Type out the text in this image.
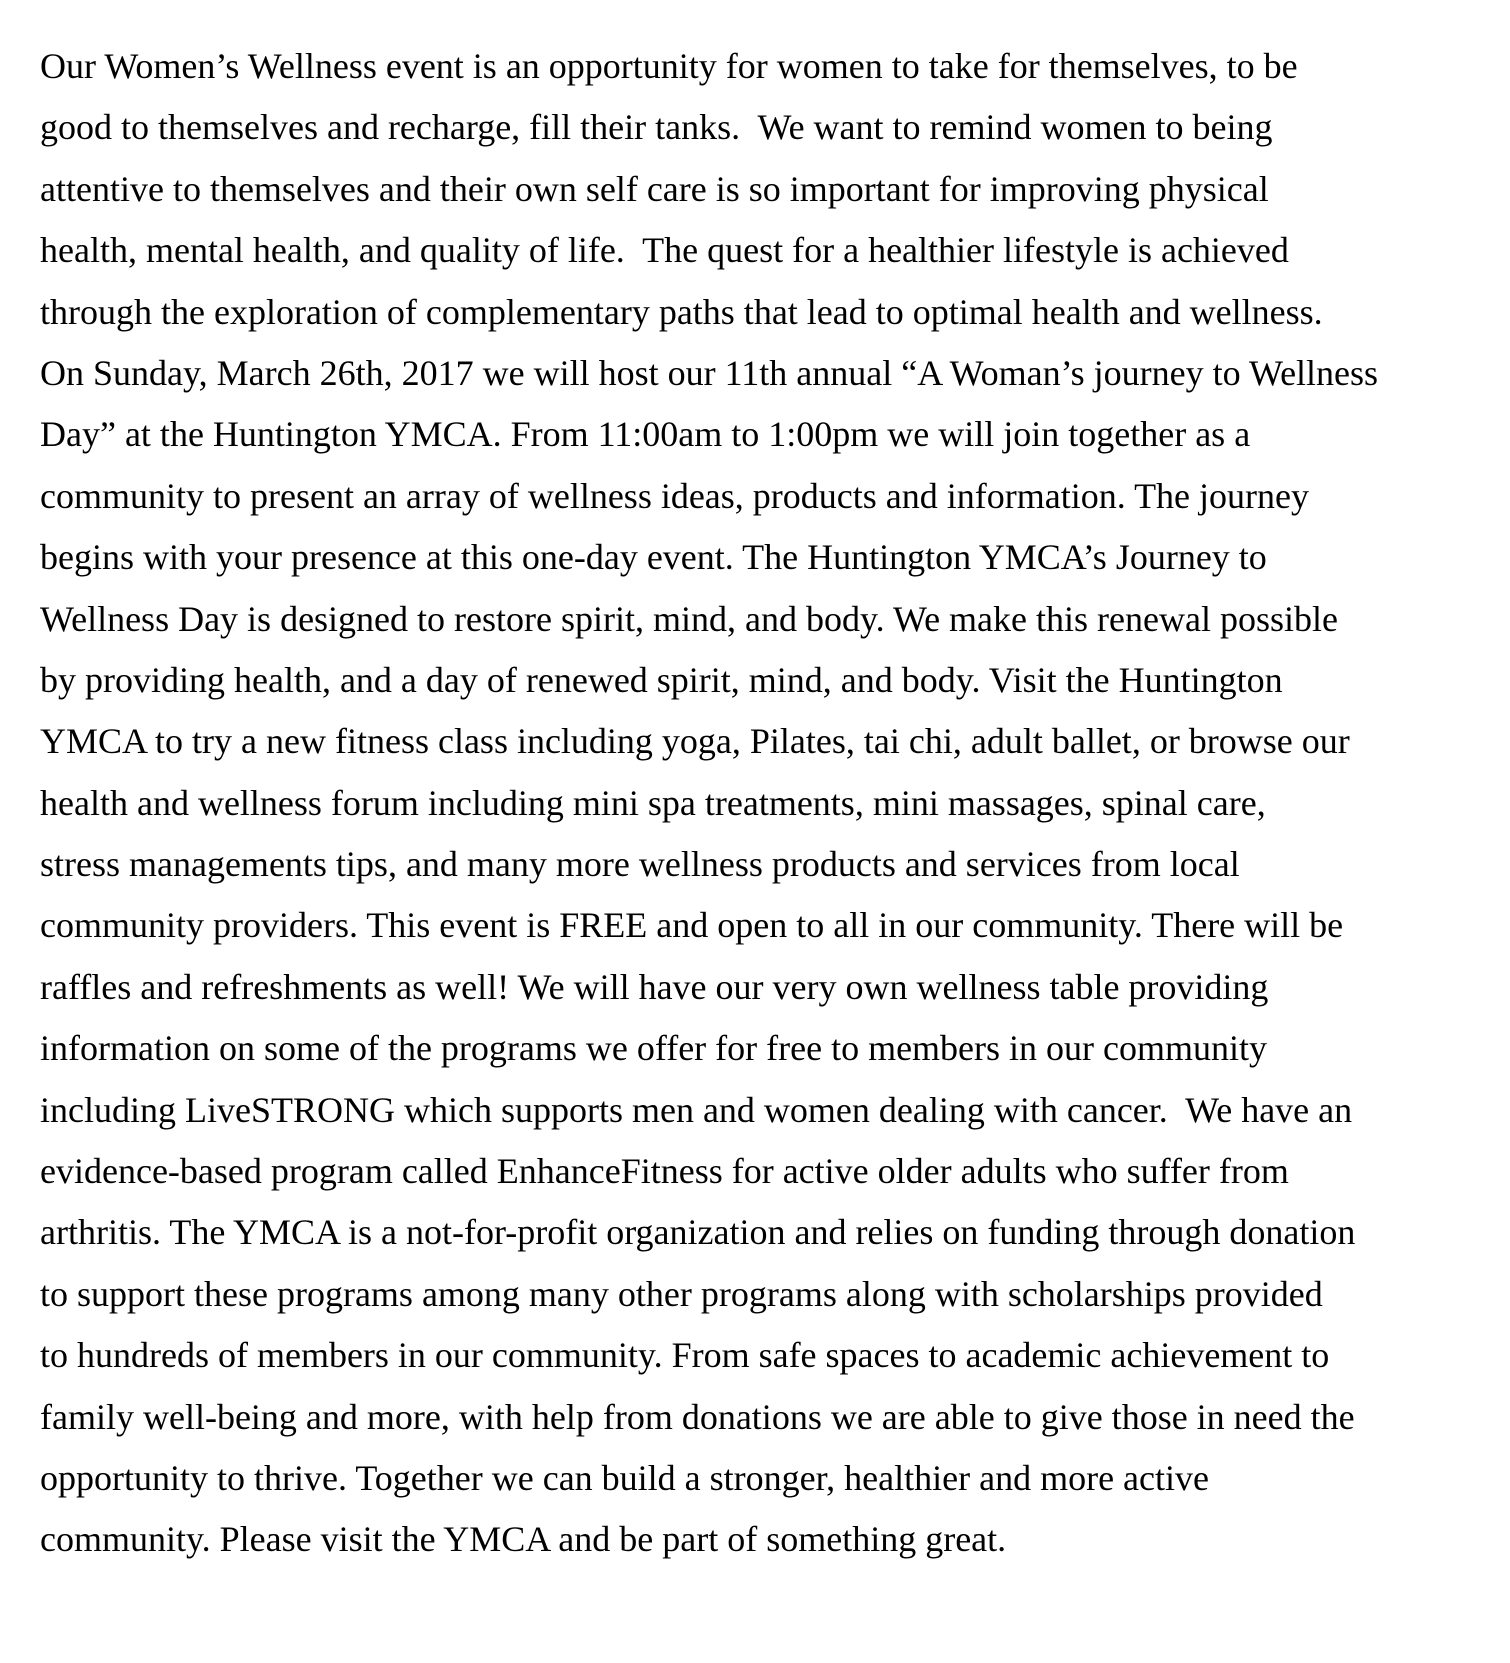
Our Women’s Wellness event is an opportunity for women to take for themselves, to be
good to themselves and recharge, fill their tanks.  We want to remind women to being
attentive to themselves and their own self care is so important for improving physical
health, mental health, and quality of life.  The quest for a healthier lifestyle is achieved
through the exploration of complementary paths that lead to optimal health and wellness.
On Sunday, March 26th, 2017 we will host our 11th annual “A Woman’s journey to Wellness
Day” at the Huntington YMCA. From 11:00am to 1:00pm we will join together as a
community to present an array of wellness ideas, products and information. The journey
begins with your presence at this one-day event. The Huntington YMCA’s Journey to
Wellness Day is designed to restore spirit, mind, and body. We make this renewal possible
by providing health, and a day of renewed spirit, mind, and body. Visit the Huntington
YMCA to try a new fitness class including yoga, Pilates, tai chi, adult ballet, or browse our
health and wellness forum including mini spa treatments, mini massages, spinal care,
stress managements tips, and many more wellness products and services from local
community providers. This event is FREE and open to all in our community. There will be
raffles and refreshments as well! We will have our very own wellness table providing
information on some of the programs we offer for free to members in our community
including LiveSTRONG which supports men and women dealing with cancer.  We have an
evidence-based program called EnhanceFitness for active older adults who suffer from
arthritis. The YMCA is a not-for-profit organization and relies on funding through donation
to support these programs among many other programs along with scholarships provided
to hundreds of members in our community. From safe spaces to academic achievement to
family well-being and more, with help from donations we are able to give those in need the
opportunity to thrive. Together we can build a stronger, healthier and more active
community. Please visit the YMCA and be part of something great.
